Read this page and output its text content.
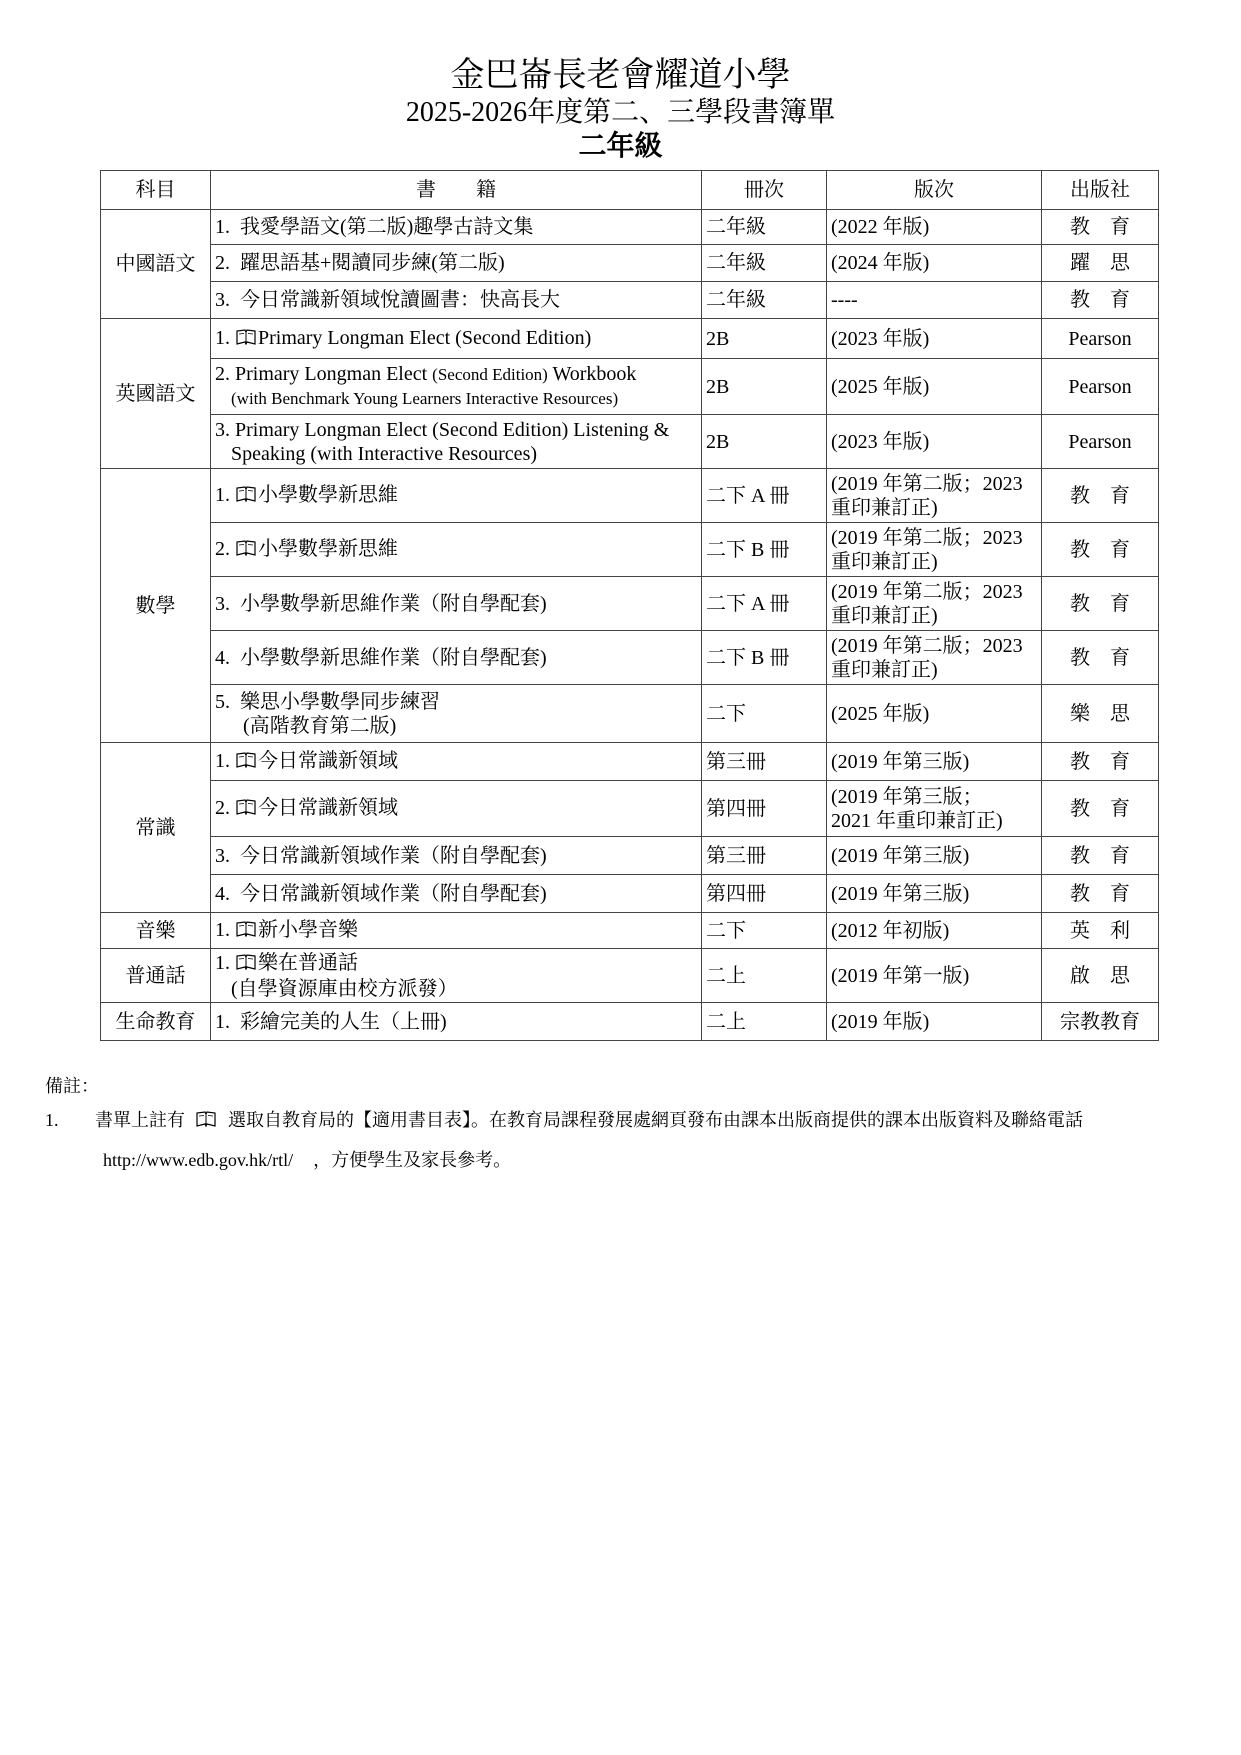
金巴崙長老會耀道小學
2025-2026年度第二、三學段書簿單
二年級
科目	書　　籍	冊次	版次	出版社
中國語文	1.  我愛學語文(第二版)趣學古詩文集	二年級	(2022 年版)	教　育
	2.  躍思語基+閱讀同步練(第二版)	二年級	(2024 年版)	躍　思
	3.  今日常識新領域悅讀圖書：快高長大	二年級	----	教　育
英國語文	1. Primary Longman Elect (Second Edition)	2B	(2023 年版)	Pearson
	2. Primary Longman Elect (Second Edition) Workbook
(with Benchmark Young Learners Interactive Resources)	2B	(2025 年版)	Pearson
	3. Primary Longman Elect (Second Edition) Listening &
Speaking (with Interactive Resources)	2B	(2023 年版)	Pearson
數學	1. 小學數學新思維	二下 A 冊	(2019 年第二版；2023
重印兼訂正)	教　育
	2. 小學數學新思維	二下 B 冊	(2019 年第二版；2023
重印兼訂正)	教　育
	3.  小學數學新思維作業（附自學配套)	二下 A 冊	(2019 年第二版；2023
重印兼訂正)	教　育
	4.  小學數學新思維作業（附自學配套)	二下 B 冊	(2019 年第二版；2023
重印兼訂正)	教　育
	5.  樂思小學數學同步練習
(高階教育第二版)	二下	(2025 年版)	樂　思
常識	1. 今日常識新領域	第三冊	(2019 年第三版)	教　育
	2. 今日常識新領域	第四冊	(2019 年第三版；
2021 年重印兼訂正)	教　育
	3.  今日常識新領域作業（附自學配套)	第三冊	(2019 年第三版)	教　育
	4.  今日常識新領域作業（附自學配套)	第四冊	(2019 年第三版)	教　育
音樂	1. 新小學音樂	二下	(2012 年初版)	英　利
普通話	1. 樂在普通話
(自學資源庫由校方派發）	二上	(2019 年第一版)	啟　思
生命教育	1.  彩繪完美的人生（上冊)	二上	(2019 年版)	宗教教育
備註：
1. 書單上註有 選取自教育局的【適用書目表】。在教育局課程發展處網頁發布由課本出版商提供的課本出版資料及聯絡電話
http://www.edb.gov.hk/rtl/ ，方便學生及家長參考。
